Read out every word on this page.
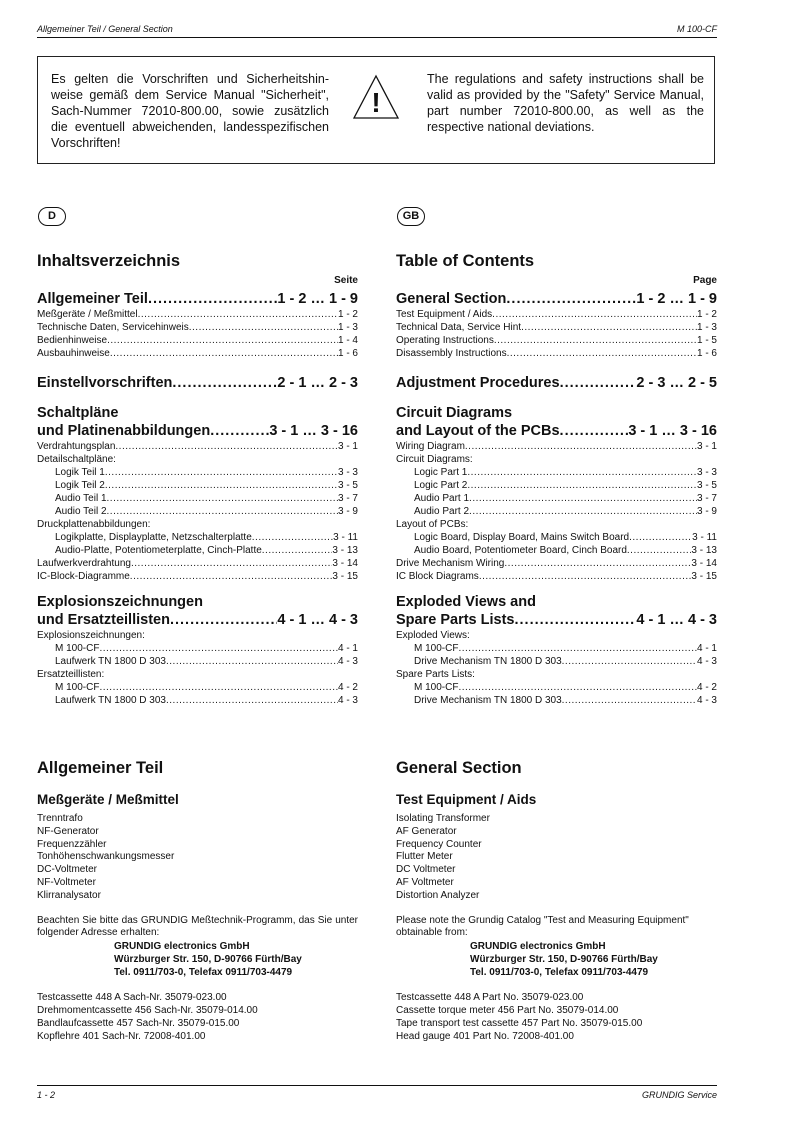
Allgemeiner Teil / General Section	M 100-CF

Es gelten die Vorschriften und Sicherheitshinweise gemäß dem Service Manual "Sicherheit", Sach-Nummer 72010-800.00, sowie zusätzlich die eventuell abweichenden, landesspezifischen Vorschriften!

The regulations and safety instructions shall be valid as provided by the "Safety" Service Manual, part number 72010-800.00, as well as the respective national deviations.

!
D	GB
Inhaltsverzeichnis
Seite
Allgemeiner Teil .....	1 - 2 … 1 - 9
Meßgeräte / Meßmittel .....	1 - 2
Technische Daten, Servicehinweis .....	1 - 3
Bedienhinweise .....	1 - 4
Ausbauhinweise .....	1 - 6
Einstellvorschriften .....	2 - 1 … 2 - 3
Schaltpläne
und Platinenabbildungen .....	3 - 1 … 3 - 16
Verdrahtungsplan .....	3 - 1
Detailschaltpläne:
Logik Teil 1 .....	3 - 3
Logik Teil 2 .....	3 - 5
Audio Teil 1 .....	3 - 7
Audio Teil 2 .....	3 - 9
Druckplattenabbildungen:
Logikplatte, Displayplatte, Netzschalterplatte .....	3 - 11
Audio-Platte, Potentiometerplatte, Cinch-Platte .....	3 - 13
Laufwerkverdrahtung .....	3 - 14
IC-Block-Diagramme .....	3 - 15
Explosionszeichnungen
und Ersatzteillisten .....	4 - 1 … 4 - 3
Explosionszeichnungen:
M 100-CF .....	4 - 1
Laufwerk TN 1800 D 303 .....	4 - 3
Ersatzteillisten:
M 100-CF .....	4 - 2
Laufwerk TN 1800 D 303 .....	4 - 3
Table of Contents
Page
General Section .....	1 - 2 … 1 - 9
Test Equipment / Aids .....	1 - 2
Technical Data, Service Hint .....	1 - 3
Operating Instructions .....	1 - 5
Disassembly Instructions .....	1 - 6
Adjustment Procedures .....	2 - 3 … 2 - 5
Circuit Diagrams
and Layout of the PCBs .....	3 - 1 … 3 - 16
Wiring Diagram .....	3 - 1
Circuit Diagrams:
Logic Part 1 .....	3 - 3
Logic Part 2 .....	3 - 5
Audio Part 1 .....	3 - 7
Audio Part 2 .....	3 - 9
Layout of PCBs:
Logic Board, Display Board, Mains Switch Board .....	3 - 11
Audio Board, Potentiometer Board, Cinch Board .....	3 - 13
Drive Mechanism Wiring .....	3 - 14
IC Block Diagrams .....	3 - 15
Exploded Views and
Spare Parts Lists .....	4 - 1 … 4 - 3
Exploded Views:
M 100-CF .....	4 - 1
Drive Mechanism TN 1800 D 303 .....	4 - 3
Spare Parts Lists:
M 100-CF .....	4 - 2
Drive Mechanism TN 1800 D 303 .....	4 - 3
Allgemeiner Teil
Meßgeräte / Meßmittel
Trenntrafo
NF-Generator
Frequenzzähler
Tonhöhenschwankungsmesser
DC-Voltmeter
NF-Voltmeter
Klirranalysator
Beachten Sie bitte das GRUNDIG Meßtechnik-Programm, das Sie unter folgender Adresse erhalten:
GRUNDIG electronics GmbH
Würzburger Str. 150, D-90766 Fürth/Bay
Tel. 0911/703-0, Telefax 0911/703-4479
Testcassette 448 A Sach-Nr. 35079-023.00
Drehmomentcassette 456 Sach-Nr. 35079-014.00
Bandlaufcassette 457 Sach-Nr. 35079-015.00
Kopflehre 401 Sach-Nr. 72008-401.00
General Section
Test Equipment / Aids
Isolating Transformer
AF Generator
Frequency Counter
Flutter Meter
DC Voltmeter
AF Voltmeter
Distortion Analyzer
Please note the Grundig Catalog "Test and Measuring Equipment" obtainable from:
GRUNDIG electronics GmbH
Würzburger Str. 150, D-90766 Fürth/Bay
Tel. 0911/703-0, Telefax 0911/703-4479
Testcassette 448 A Part No. 35079-023.00
Cassette torque meter 456 Part No. 35079-014.00
Tape transport test cassette 457 Part No. 35079-015.00
Head gauge 401 Part No. 72008-401.00
1 - 2	GRUNDIG Service
